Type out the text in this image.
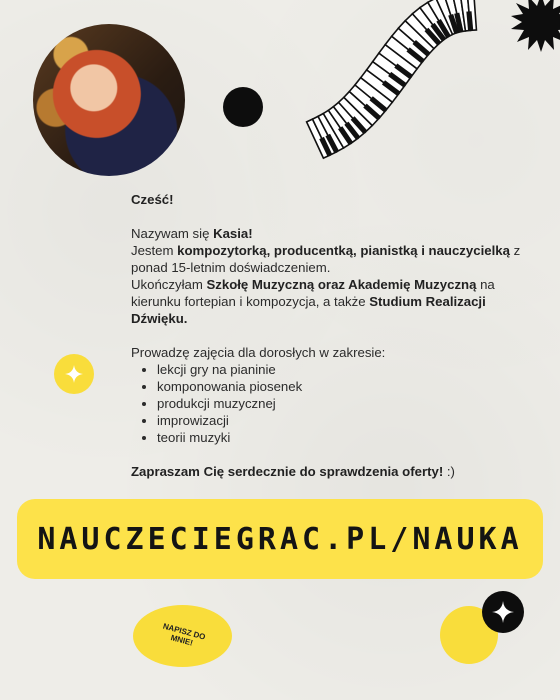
Cześć!

Nazywam się Kasia!

Jestem kompozytorką, producentką, pianistką i nauczycielką z ponad 15-letnim doświadczeniem.

Ukończyłam Szkołę Muzyczną oraz Akademię Muzyczną na kierunku fortepian i kompozycja, a także Studium Realizacji Dźwięku.

Prowadzę zajęcia dla dorosłych w zakresie:

• lekcji gry na pianinie
• komponowania piosenek
• produkcji muzycznej
• improwizacji
• teorii muzyki

Zapraszam Cię serdecznie do sprawdzenia oferty! :)

NAUCZECIEGRAC.PL/NAUKA
NAPISZ DO MNIE!
